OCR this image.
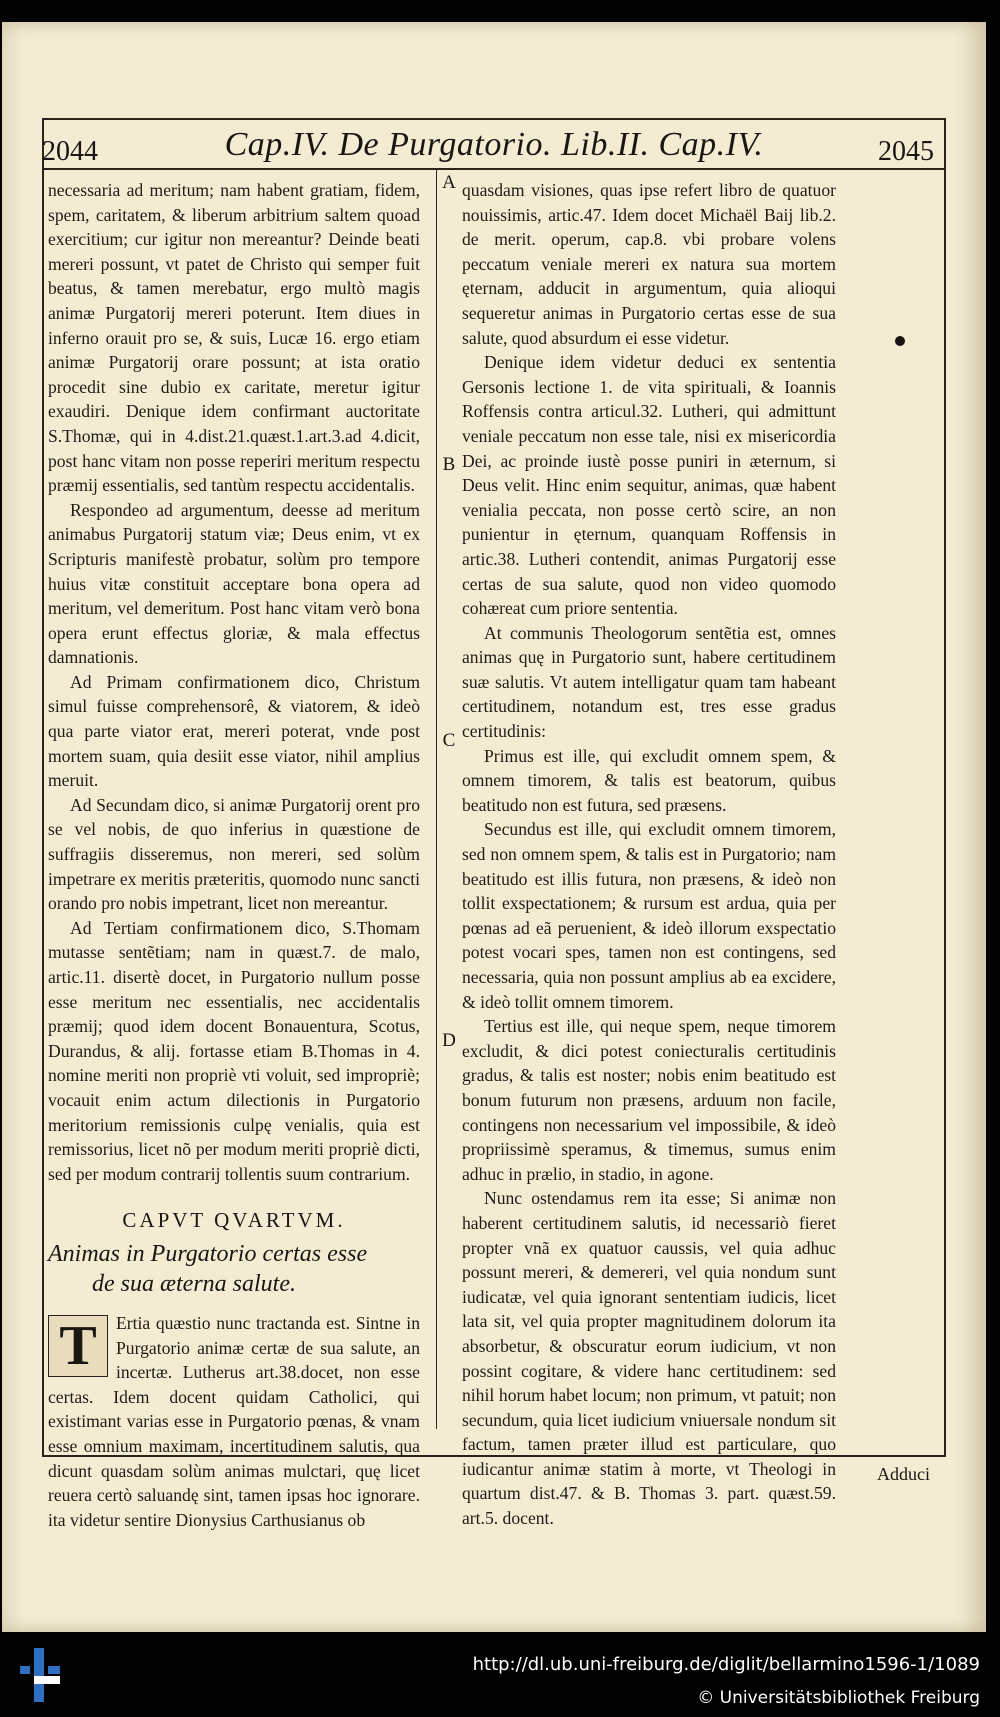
2044	Cap.IV. De Purgatorio. Lib.II. Cap.IV.	2045
A
B
C
D

necessaria ad meritum; nam habent gratiam, fidem, spem, caritatem, & liberum arbitrium saltem quoad exercitium; cur igitur non mereantur? Deinde beati mereri possunt, vt patet de Christo qui semper fuit beatus, & tamen merebatur, ergo multò magis animæ Purgatorij mereri poterunt. Item diues in inferno orauit pro se, & suis, Lucæ 16. ergo etiam animæ Purgatorij orare possunt; at ista oratio procedit sine dubio ex caritate, meretur igitur exaudiri. Denique idem confirmant auctoritate S.Thomæ, qui in 4.dist.21.quæst.1.art.3.ad 4.dicit, post hanc vitam non posse reperiri meritum respectu præmij essentialis, sed tantùm respectu accidentalis.

Respondeo ad argumentum, deesse ad meritum animabus Purgatorij statum viæ; Deus enim, vt ex Scripturis manifestè probatur, solùm pro tempore huius vitæ constituit acceptare bona opera ad meritum, vel demeritum. Post hanc vitam verò bona opera erunt effectus gloriæ, & mala effectus damnationis.

Ad Primam confirmationem dico, Christum simul fuisse comprehensorê, & viatorem, & ideò qua parte viator erat, mereri poterat, vnde post mortem suam, quia desiit esse viator, nihil amplius meruit.

Ad Secundam dico, si animæ Purgatorij orent pro se vel nobis, de quo inferius in quæstione de suffragiis disseremus, non mereri, sed solùm impetrare ex meritis præteritis, quomodo nunc sancti orando pro nobis impetrant, licet non mereantur.

Ad Tertiam confirmationem dico, S.Thomam mutasse sentẽtiam; nam in quæst.7. de malo, artic.11. disertè docet, in Purgatorio nullum posse esse meritum nec essentialis, nec accidentalis præmij; quod idem docent Bonauentura, Scotus, Durandus, & alij. fortasse etiam B.Thomas in 4. nomine meriti non propriè vti voluit, sed impropriè; vocauit enim actum dilectionis in Purgatorio meritorium remissionis culpę venialis, quia est remissorius, licet nõ per modum meriti propriè dicti, sed per modum contrarij tollentis suum contrarium.

CAPVT QVARTVM.
Animas in Purgatorio certas esse
de sua æterna salute.
T	Ertia quæstio nunc tractanda est. Sintne in Purgatorio animæ certæ de sua salute, an incertæ. Lutherus art.38.docet, non esse certas. Idem docent quidam Catholici, qui existimant varias esse in Purgatorio pœnas, & vnam esse omnium maximam, incertitudinem salutis, qua dicunt quasdam solùm animas mulctari, quę licet reuera certò saluandę sint, tamen ipsas hoc ignorare. ita videtur sentire Dionysius Carthusianus ob

quasdam visiones, quas ipse refert libro de quatuor nouissimis, artic.47. Idem docet Michaël Baij lib.2. de merit. operum, cap.8. vbi probare volens peccatum veniale mereri ex natura sua mortem ęternam, adducit in argumentum, quia alioqui sequeretur animas in Purgatorio certas esse de sua salute, quod absurdum ei esse videtur.

Denique idem videtur deduci ex sententia Gersonis lectione 1. de vita spirituali, & Ioannis Roffensis contra articul.32. Lutheri, qui admittunt veniale peccatum non esse tale, nisi ex misericordia Dei, ac proinde iustè posse puniri in æternum, si Deus velit. Hinc enim sequitur, animas, quæ habent venialia peccata, non posse certò scire, an non punientur in ęternum, quanquam Roffensis in artic.38. Lutheri contendit, animas Purgatorij esse certas de sua salute, quod non video quomodo cohæreat cum priore sententia.

At communis Theologorum sentẽtia est, omnes animas quę in Purgatorio sunt, habere certitudinem suæ salutis. Vt autem intelligatur quam tam habeant certitudinem, notandum est, tres esse gradus certitudinis:

Primus est ille, qui excludit omnem spem, & omnem timorem, & talis est beatorum, quibus beatitudo non est futura, sed præsens.

Secundus est ille, qui excludit omnem timorem, sed non omnem spem, & talis est in Purgatorio; nam beatitudo est illis futura, non præsens, & ideò non tollit exspectationem; & rursum est ardua, quia per pœnas ad eã peruenient, & ideò illorum exspectatio potest vocari spes, tamen non est contingens, sed necessaria, quia non possunt amplius ab ea excidere, & ideò tollit omnem timorem.

Tertius est ille, qui neque spem, neque timorem excludit, & dici potest coniecturalis certitudinis gradus, & talis est noster; nobis enim beatitudo est bonum futurum non præsens, arduum non facile, contingens non necessarium vel impossibile, & ideò propriissimè speramus, & timemus, sumus enim adhuc in prælio, in stadio, in agone.

Nunc ostendamus rem ita esse; Si animæ non haberent certitudinem salutis, id necessariò fieret propter vnã ex quatuor caussis, vel quia adhuc possunt mereri, & demereri, vel quia nondum sunt iudicatæ, vel quia ignorant sententiam iudicis, licet lata sit, vel quia propter magnitudinem dolorum ita absorbetur, & obscuratur eorum iudicium, vt non possint cogitare, & videre hanc certitudinem: sed nihil horum habet locum; non primum, vt patuit; non secundum, quia licet iudicium vniuersale nondum sit factum, tamen præter illud est particulare, quo iudicantur animæ statim à morte, vt Theologi in quartum dist.47. & B. Thomas 3. part. quæst.59. art.5. docent.

Adduci
http://dl.ub.uni-freiburg.de/diglit/bellarmino1596-1/1089
© Universitätsbibliothek Freiburg
